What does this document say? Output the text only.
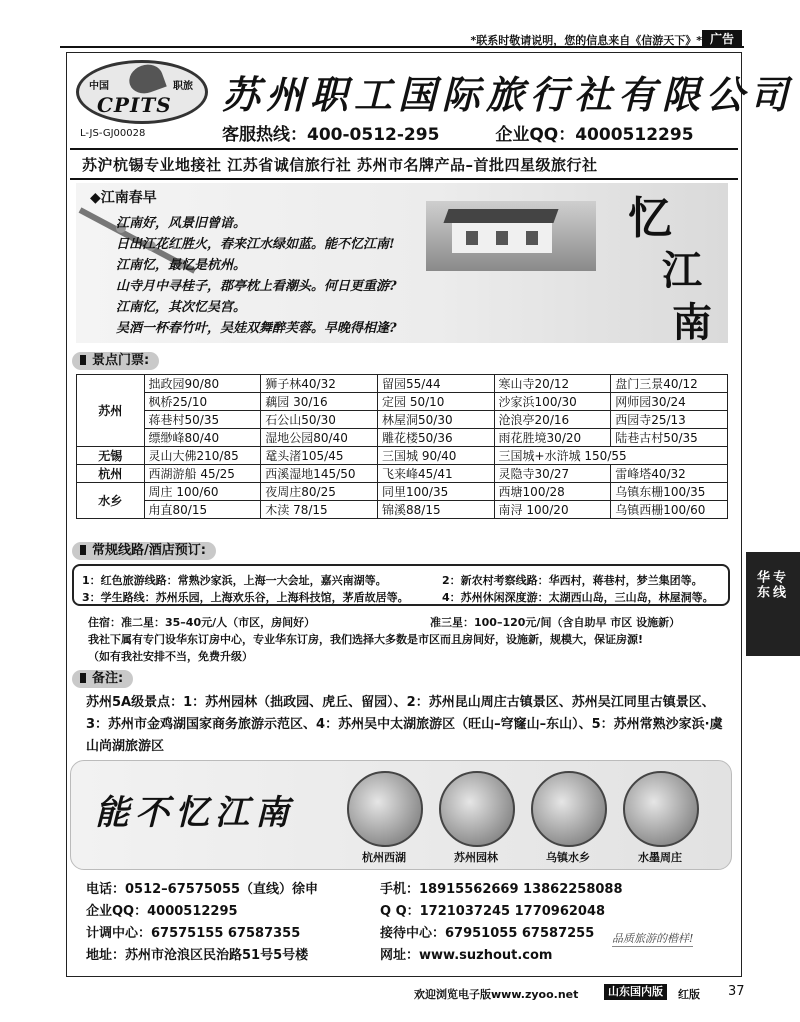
*联系时敬请说明，您的信息来自《信游天下》* 广告
中国	职旅
CPITS
L-JS-GJ00028
苏州职工国际旅行社有限公司
客服热线：400-0512-295	企业QQ：4000512295
苏沪杭锡专业地接社 江苏省诚信旅行社 苏州市名牌产品–首批四星级旅行社
◆江南春早
江南好，风景旧曾谙。
日出江花红胜火，春来江水绿如蓝。能不忆江南!
江南忆，最忆是杭州。
山寺月中寻桂子，郡亭枕上看潮头。何日更重游?
江南忆，其次忆吴宫。
吴酒一杯春竹叶，吴娃双舞醉芙蓉。早晚得相逢?
忆
江
南
景点门票:
苏州	拙政园90/80	狮子林40/32	留园55/44	寒山寺20/12	盘门三景40/12
	枫桥25/10	藕园 30/16	定园 50/10	沙家浜100/30	网师园30/24
	蒋巷村50/35	石公山50/30	林屋洞50/30	沧浪亭20/16	西园寺25/13
	缥缈峰80/40	湿地公园80/40	雕花楼50/36	雨花胜境30/20	陆巷古村50/35
无锡	灵山大佛210/85	鼋头渚105/45	三国城 90/40	三国城+水浒城 150/55	
杭州	西湖游船 45/25	西溪湿地145/50	飞来峰45/41	灵隐寺30/27	雷峰塔40/32
水乡	周庄 100/60	夜周庄80/25	同里100/35	西塘100/28	乌镇东栅100/35
	甪直80/15	木渎 78/15	锦溪88/15	南浔 100/20	乌镇西栅100/60
常规线路/酒店预订:
1：红色旅游线路：常熟沙家浜，上海一大会址，嘉兴南湖等。	2：新农村考察线路：华西村，蒋巷村，梦兰集团等。
3：学生路线：苏州乐园，上海欢乐谷，上海科技馆，茅盾故居等。	4：苏州休闲深度游：太湖西山岛，三山岛，林屋洞等。
住宿：准二星：35–40元/人（市区，房间好）	准三星：100–120元/间（含自助早 市区 设施新）
我社下属有专门设华东订房中心，专业华东订房，我们选择大多数是市区而且房间好，设施新，规模大，保证房源!
（如有我社安排不当，免费升级）
备注:
苏州5A级景点：1：苏州园林（拙政园、虎丘、留园）、2：苏州昆山周庄古镇景区、苏州吴江同里古镇景区、3：苏州市金鸡湖国家商务旅游示范区、4：苏州吴中太湖旅游区（旺山–穹窿山–东山）、5：苏州常熟沙家浜·虞山尚湖旅游区
能不忆江南
杭州西湖	苏州园林	乌镇水乡	水墨周庄
电话：0512–67575055（直线）徐申	手机：18915562669 13862258088
企业QQ：4000512295	Q Q：1721037245 1770962048
计调中心：67575155 67587355	接待中心：67951055 67587255
地址：苏州市沧浪区民治路51号5号楼	网址：www.suzhout.com
品质旅游的楷样!
华东 专线
欢迎浏览电子版www.zyoo.net	山东国内版	红版 37
